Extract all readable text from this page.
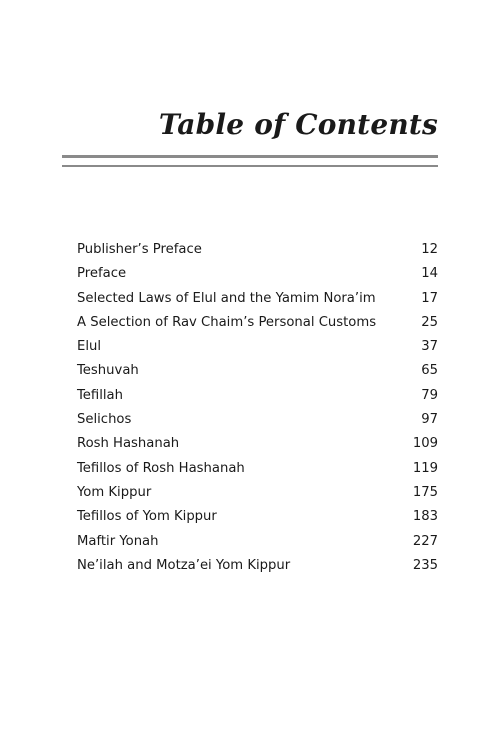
Table of Contents
Publisher’s Preface	12
Preface	14
Selected Laws of Elul and the Yamim Nora’im	17
A Selection of Rav Chaim’s Personal Customs	25
Elul	37
Teshuvah	65
Tefillah	79
Selichos	97
Rosh Hashanah	109
Tefillos of Rosh Hashanah	119
Yom Kippur	175
Tefillos of Yom Kippur	183
Maftir Yonah	227
Ne’ilah and Motza’ei Yom Kippur	235
